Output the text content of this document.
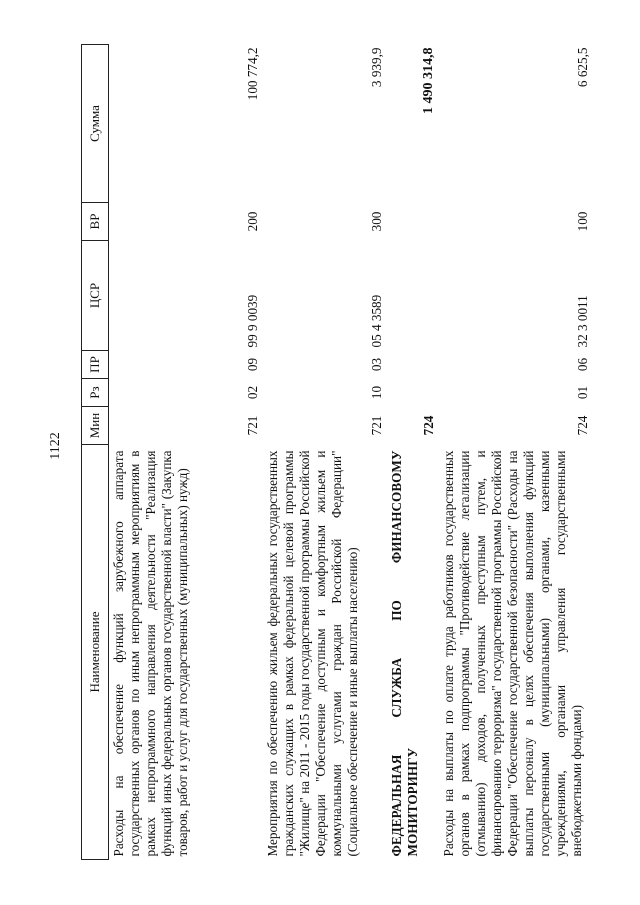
1122
Наименование	Мин	Рз	ПР	ЦСР	ВР	Сумма
Расходы на обеспечение функций зарубежного аппарата государственных органов по иным непрограммным мероприятиям в рамках непрограммного направления деятельности "Реализация функций иных федеральных органов государственной власти" (Закупка товаров, работ и услуг для государственных (муниципальных) нужд)	721	02	09	99 9 0039	200	100 774,2
Мероприятия по обеспечению жильем федеральных государственных гражданских служащих в рамках федеральной целевой программы "Жилище" на 2011 - 2015 годы государственной программы Российской Федерации "Обеспечение доступным и комфортным жильем и коммунальными услугами граждан Российской Федерации" (Социальное обеспечение и иные выплаты населению)	721	10	03	05 4 3589	300	3 939,9
ФЕДЕРАЛЬНАЯ СЛУЖБА ПО ФИНАНСОВОМУ МОНИТОРИНГУ	724					1 490 314,8
Расходы на выплаты по оплате труда работников государственных органов в рамках подпрограммы "Противодействие легализации (отмыванию) доходов, полученных преступным путем, и финансированию терроризма" государственной программы Российской Федерации "Обеспечение государственной безопасности" (Расходы на выплаты персоналу в целях обеспечения выполнения функций государственными (муниципальными) органами, казенными учреждениями, органами управления государственными внебюджетными фондами)	724	01	06	32 3 0011	100	6 625,5
